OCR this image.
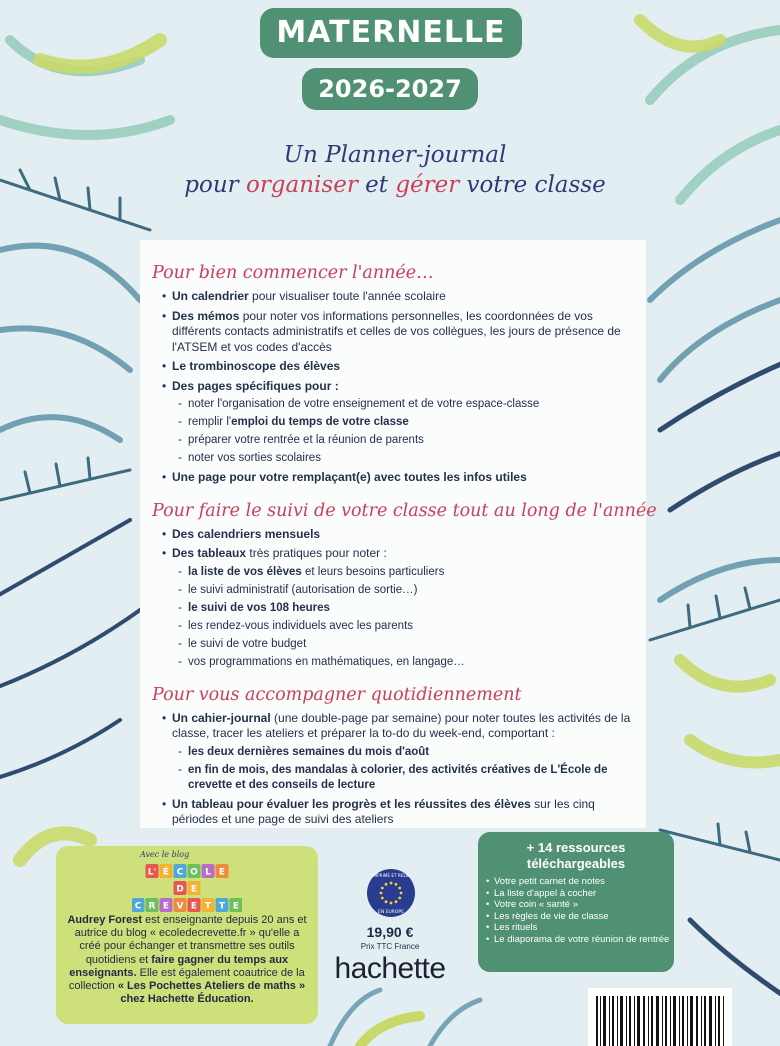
MATERNELLE
2026-2027
Un Planner-journal
pour organiser et gérer votre classe
Pour bien commencer l'année…
• Un calendrier pour visualiser toute l'année scolaire
• Des mémos pour noter vos informations personnelles, les coordonnées de vos différents contacts administratifs et celles de vos collègues, les jours de présence de l'ATSEM et vos codes d'accès
• Le trombinoscope des élèves
• Des pages spécifiques pour :
- noter l'organisation de votre enseignement et de votre espace-classe
- remplir l'emploi du temps de votre classe
- préparer votre rentrée et la réunion de parents
- noter vos sorties scolaires
• Une page pour votre remplaçant(e) avec toutes les infos utiles
Pour faire le suivi de votre classe tout au long de l'année
• Des calendriers mensuels
• Des tableaux très pratiques pour noter :
- la liste de vos élèves et leurs besoins particuliers
- le suivi administratif (autorisation de sortie…)
- le suivi de vos 108 heures
- les rendez-vous individuels avec les parents
- le suivi de votre budget
- vos programmations en mathématiques, en langage…
Pour vous accompagner quotidiennement
• Un cahier-journal (une double-page par semaine) pour noter toutes les activités de la classe, tracer les ateliers et préparer la to-do du week-end, comportant :
- les deux dernières semaines du mois d'août
- en fin de mois, des mandalas à colorier, des activités créatives de L'École de crevette et des conseils de lecture
• Un tableau pour évaluer les progrès et les réussites des élèves sur les cinq périodes et une page de suivi des ateliers
Avec le blog
L' É C O L E
D E
C R E V E T T E
Audrey Forest est enseignante depuis 20 ans et autrice du blog « ecoledecrevette.fr » qu'elle a créé pour échanger et transmettre ses outils quotidiens et faire gagner du temps aux enseignants. Elle est également coautrice de la collection « Les Pochettes Ateliers de maths » chez Hachette Éducation.
+ 14 ressources
téléchargeables
• Votre petit carnet de notes
• La liste d'appel à cocher
• Votre coin « santé »
• Les règles de vie de classe
• Les rituels
• Le diaporama de votre réunion de rentrée
IMPRIMÉ ET RELIÉ
EN EUROPE
19,90 €
Prix TTC France
hachette
